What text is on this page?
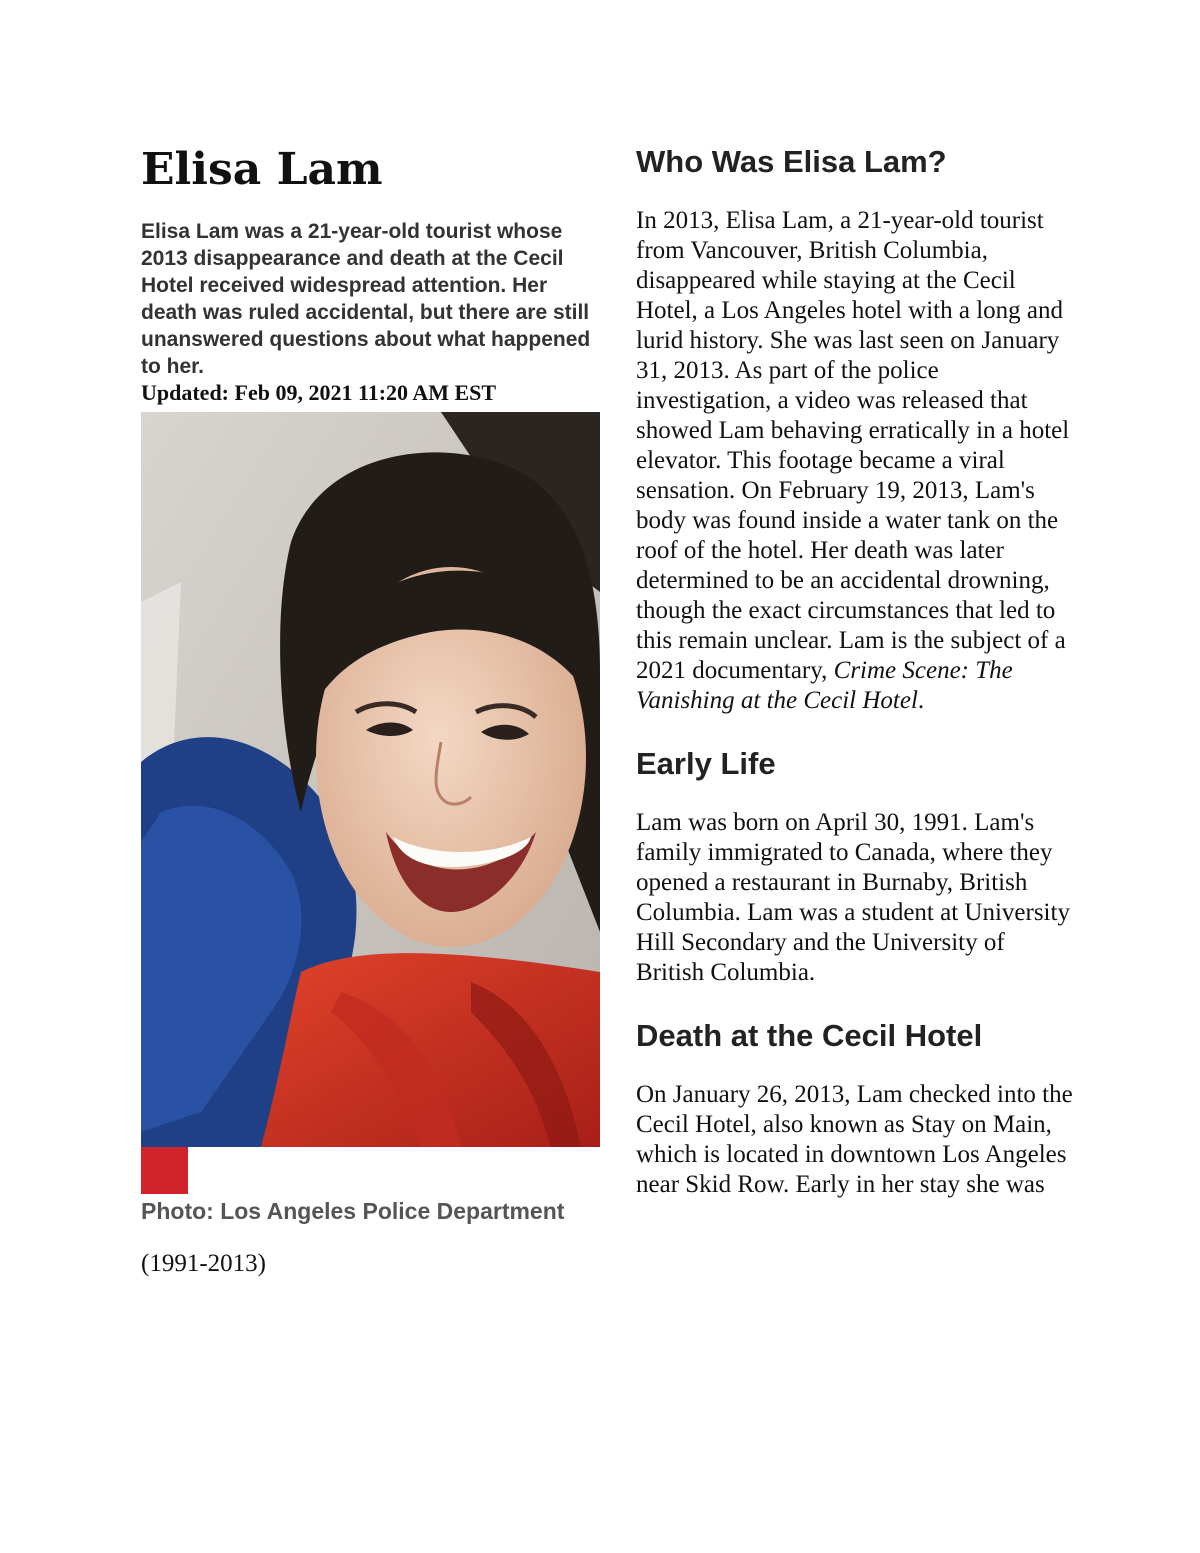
Elisa Lam

Elisa Lam was a 21-year-old tourist whose 2013 disappearance and death at the Cecil Hotel received widespread attention. Her death was ruled accidental, but there are still unanswered questions about what happened to her.

Updated: Feb 09, 2021 11:20 AM EST

Photo: Los Angeles Police Department

(1991-2013)

Who Was Elisa Lam?

In 2013, Elisa Lam, a 21-year-old tourist from Vancouver, British Columbia, disappeared while staying at the Cecil Hotel, a Los Angeles hotel with a long and lurid history. She was last seen on January 31, 2013. As part of the police investigation, a video was released that showed Lam behaving erratically in a hotel elevator. This footage became a viral sensation. On February 19, 2013, Lam's body was found inside a water tank on the roof of the hotel. Her death was later determined to be an accidental drowning, though the exact circumstances that led to this remain unclear. Lam is the subject of a 2021 documentary, Crime Scene: The Vanishing at the Cecil Hotel.

Early Life

Lam was born on April 30, 1991. Lam's family immigrated to Canada, where they opened a restaurant in Burnaby, British Columbia. Lam was a student at University Hill Secondary and the University of British Columbia.

Death at the Cecil Hotel

On January 26, 2013, Lam checked into the Cecil Hotel, also known as Stay on Main, which is located in downtown Los Angeles near Skid Row. Early in her stay she was
